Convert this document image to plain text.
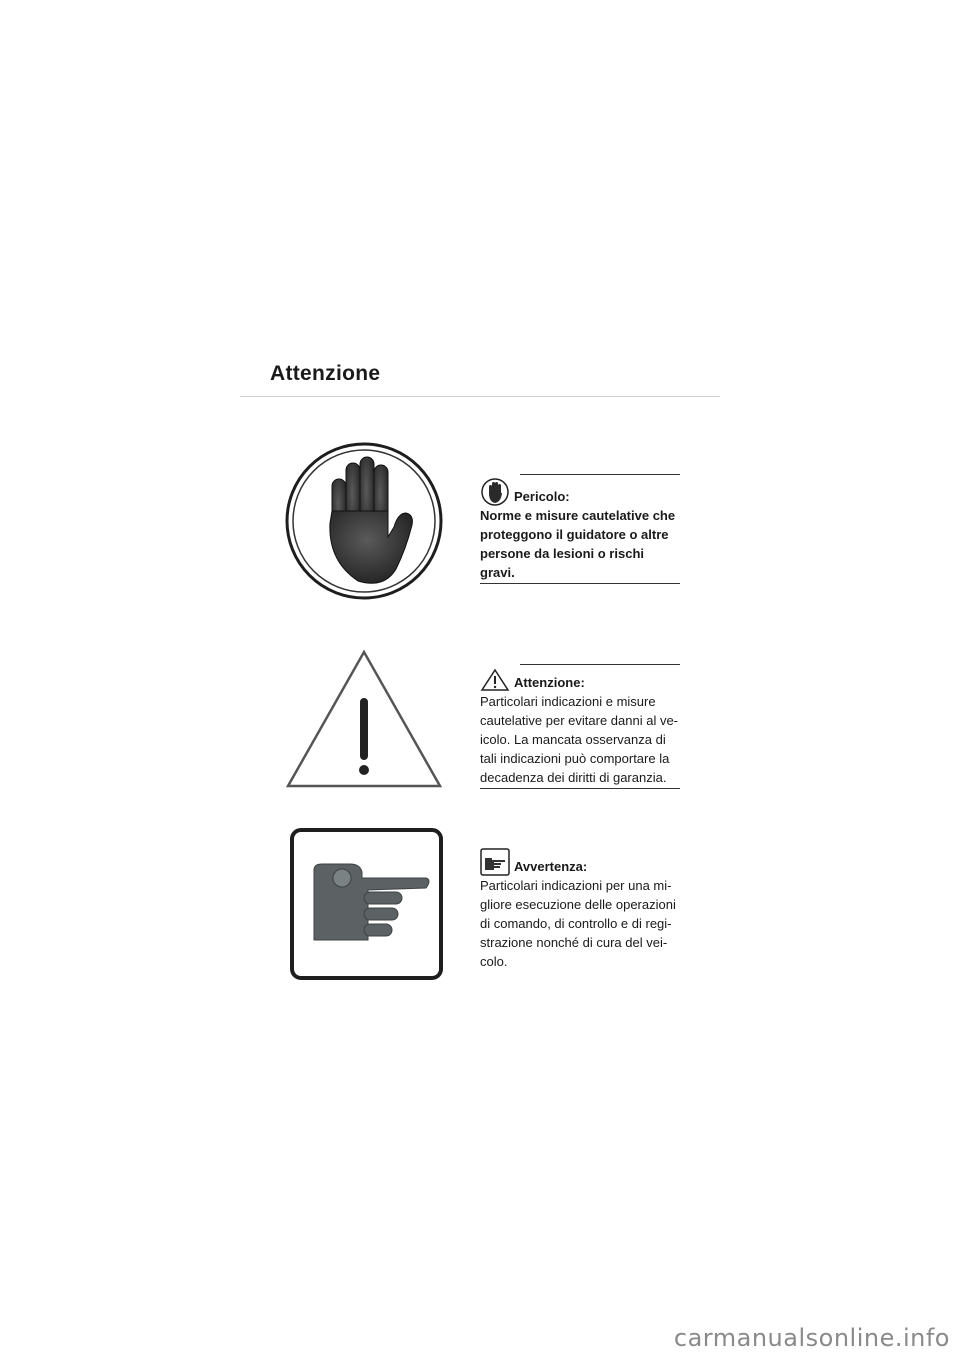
Attenzione
Pericolo:
Norme e misure cautelative che
proteggono il guidatore o altre
persone da lesioni o rischi gravi.
Attenzione:
Particolari indicazioni e misure
cautelative per evitare danni al ve-
icolo. La mancata osservanza di
tali indicazioni può comportare la
decadenza dei diritti di garanzia.
Avvertenza:
Particolari indicazioni per una mi-
gliore esecuzione delle operazioni
di comando, di controllo e di regi-
strazione nonché di cura del vei-
colo.
carmanualsonline.info
